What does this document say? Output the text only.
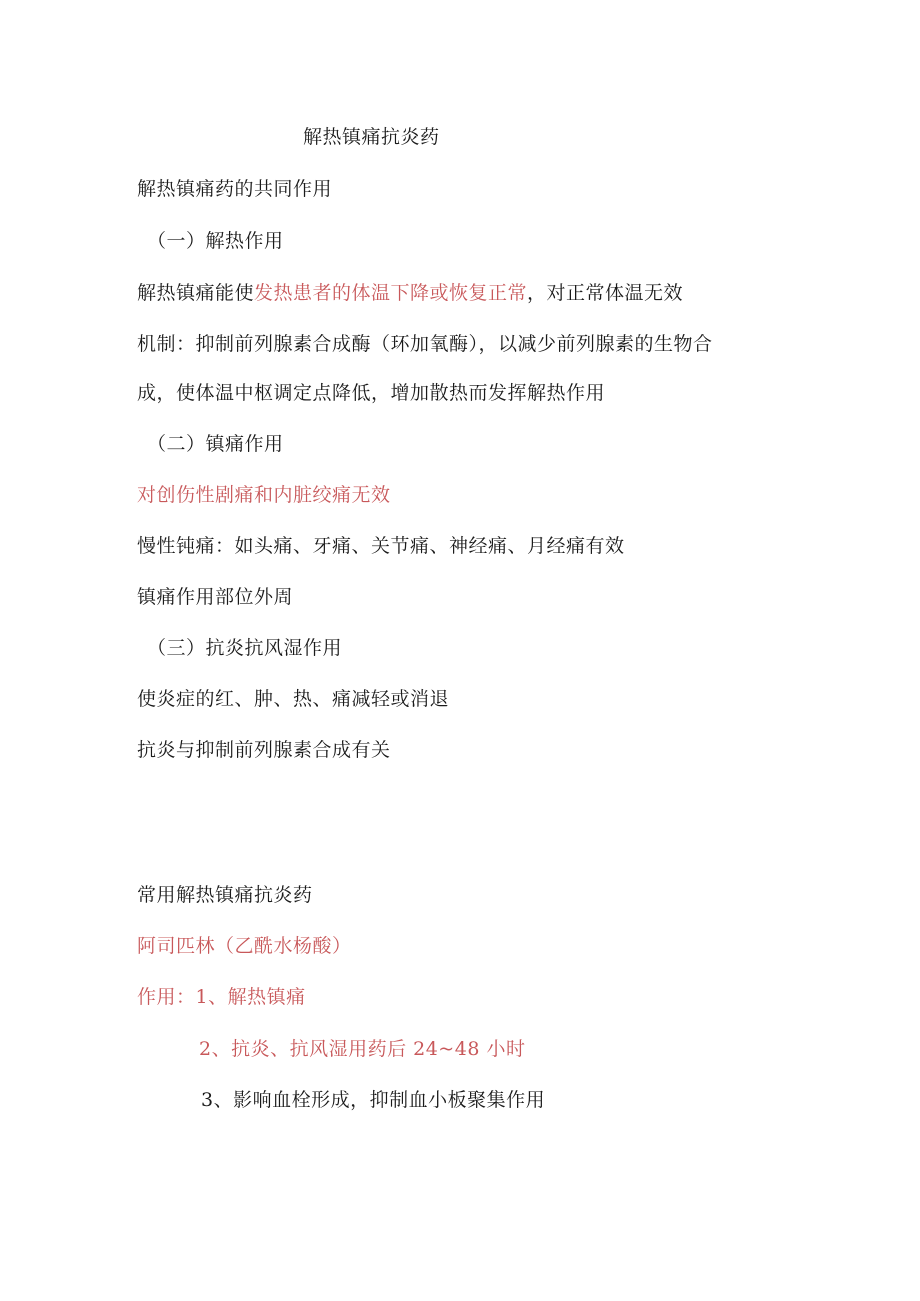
解热镇痛抗炎药
解热镇痛药的共同作用
（一）解热作用
解热镇痛能使发热患者的体温下降或恢复正常，对正常体温无效
机制：抑制前列腺素合成酶（环加氧酶），以减少前列腺素的生物合
成，使体温中枢调定点降低，增加散热而发挥解热作用
（二）镇痛作用
对创伤性剧痛和内脏绞痛无效
慢性钝痛：如头痛、牙痛、关节痛、神经痛、月经痛有效
镇痛作用部位外周
（三）抗炎抗风湿作用
使炎症的红、肿、热、痛减轻或消退
抗炎与抑制前列腺素合成有关
常用解热镇痛抗炎药
阿司匹林（乙酰水杨酸）
作用：1、解热镇痛
2、抗炎、抗风湿用药后 24~48 小时
3、影响血栓形成，抑制血小板聚集作用
